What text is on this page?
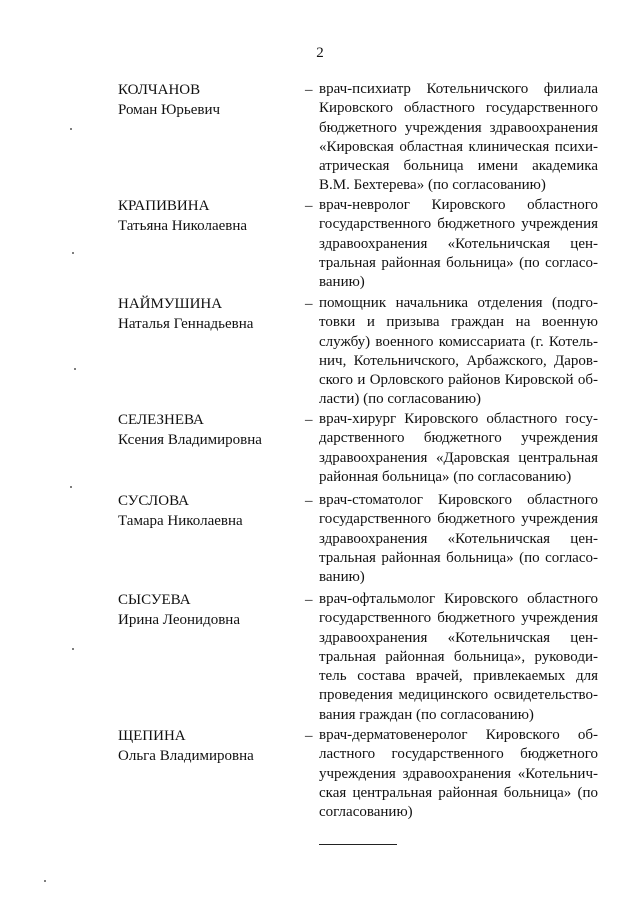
2
КОЛЧАНОВ
Роман Юрьевич
– врач-психиатр Котельничского филиала
Кировского областного государственного
бюджетного учреждения здравоохранения
«Кировская областная клиническая психи-
атрическая больница имени академика
В.М. Бехтерева» (по согласованию)
КРАПИВИНА
Татьяна Николаевна
– врач-невролог Кировского областного
государственного бюджетного учреждения
здравоохранения «Котельничская цен-
тральная районная больница» (по согласо-
ванию)
НАЙМУШИНА
Наталья Геннадьевна
– помощник начальника отделения (подго-
товки и призыва граждан на военную
службу) военного комиссариата (г. Котель-
нич, Котельничского, Арбажского, Даров-
ского и Орловского районов Кировской об-
ласти) (по согласованию)
СЕЛЕЗНЕВА
Ксения Владимировна
– врач-хирург Кировского областного госу-
дарственного бюджетного учреждения
здравоохранения «Даровская центральная
районная больница» (по согласованию)
СУСЛОВА
Тамара Николаевна
– врач-стоматолог Кировского областного
государственного бюджетного учреждения
здравоохранения «Котельничская цен-
тральная районная больница» (по согласо-
ванию)
СЫСУЕВА
Ирина Леонидовна
– врач-офтальмолог Кировского областного
государственного бюджетного учреждения
здравоохранения «Котельничская цен-
тральная районная больница», руководи-
тель состава врачей, привлекаемых для
проведения медицинского освидетельство-
вания граждан (по согласованию)
ЩЕПИНА
Ольга Владимировна
– врач-дерматовенеролог Кировского об-
ластного государственного бюджетного
учреждения здравоохранения «Котельнич-
ская центральная районная больница» (по
согласованию)
